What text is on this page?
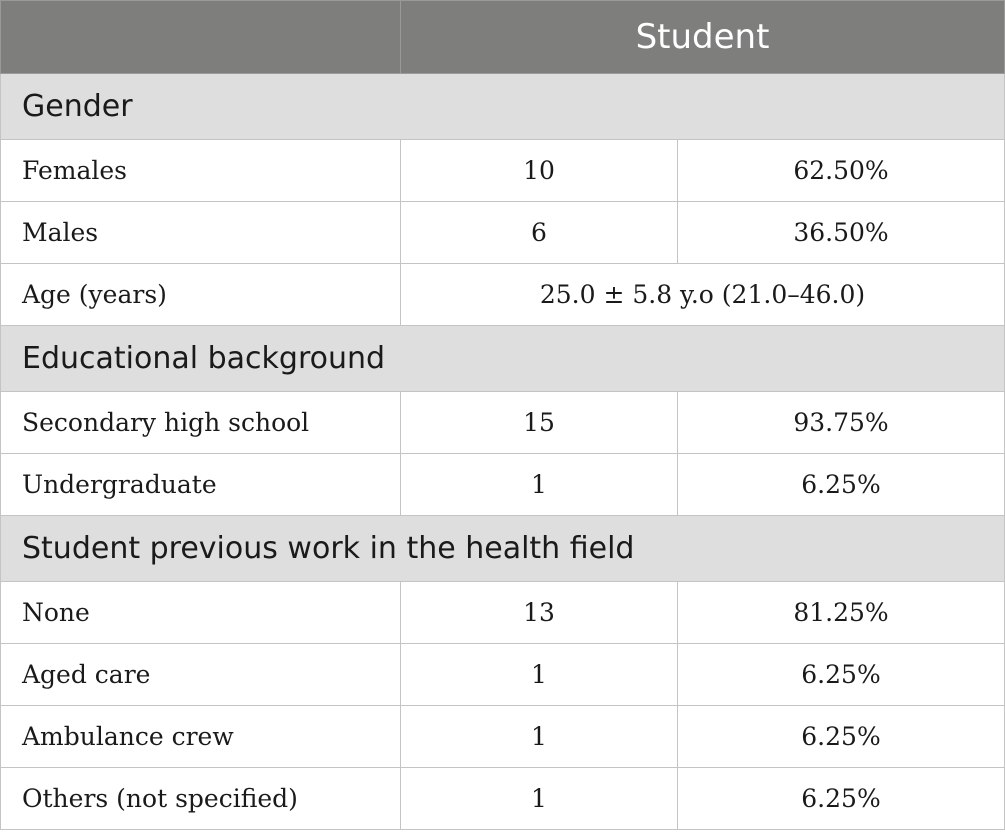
	Student	
Gender		
Females	10	62.50%
Males	6	36.50%
Age (years)	25.0 ± 5.8 y.o (21.0–46.0)	
Educational background		
Secondary high school	15	93.75%
Undergraduate	1	6.25%
Student previous work in the health field		
None	13	81.25%
Aged care	1	6.25%
Ambulance crew	1	6.25%
Others (not specified)	1	6.25%
